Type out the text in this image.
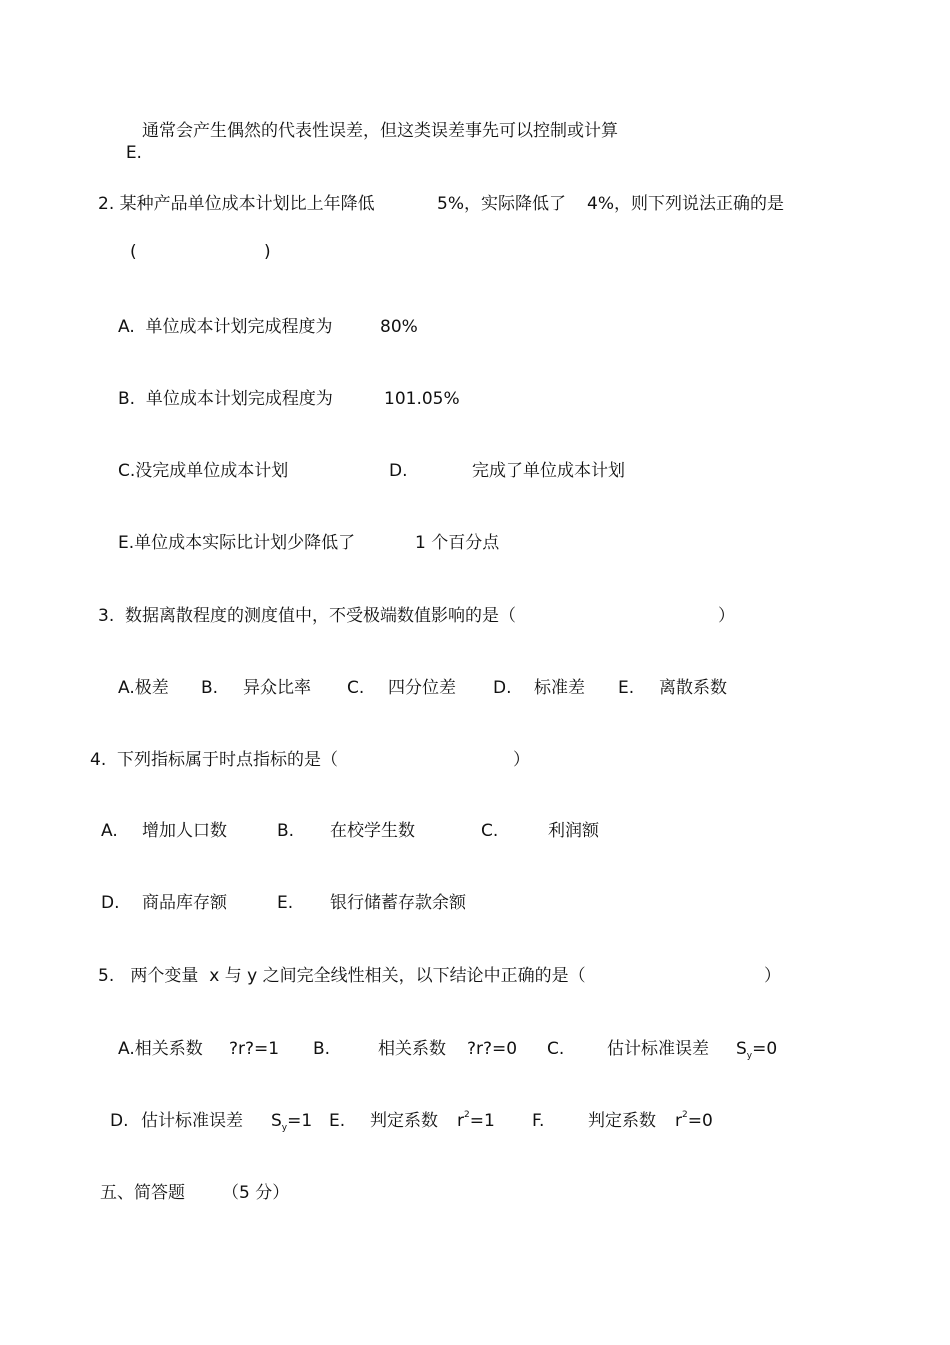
E.

通常会产生偶然的代表性误差，但这类误差事先可以控制或计算
2. 某种产品单位成本计划比上年降低	5%，实际降低了 4%，则下列说法正确的是
(	)
A.  单位成本计划完成程度为	80%
B.  单位成本计划完成程度为	101.05%
C.没完成单位成本计划	D.	完成了单位成本计划
E.单位成本实际比计划少降低了	1 个百分点
3.  数据离散程度的测度值中，不受极端数值影响的是（	）
A.极差 B. 异众比率 C. 四分位差 D. 标准差 E. 离散系数
4.  下列指标属于时点指标的是（	）
A. 增加人口数	B. 在校学生数	C.	利润额
D. 商品库存额	E. 银行储蓄存款余额
5.   两个变量  x 与 y 之间完全线性相关，以下结论中正确的是（	）
A.相关系数 ?r?=1 B.	相关系数 ?r?=0 C.	估计标准误差 $S_y=0$
D. 估计标准误差 $S_y=1$ E. 判定系数 $r^2=1$ F.	判定系数 $r^2=0$
五、简答题 （5 分）
